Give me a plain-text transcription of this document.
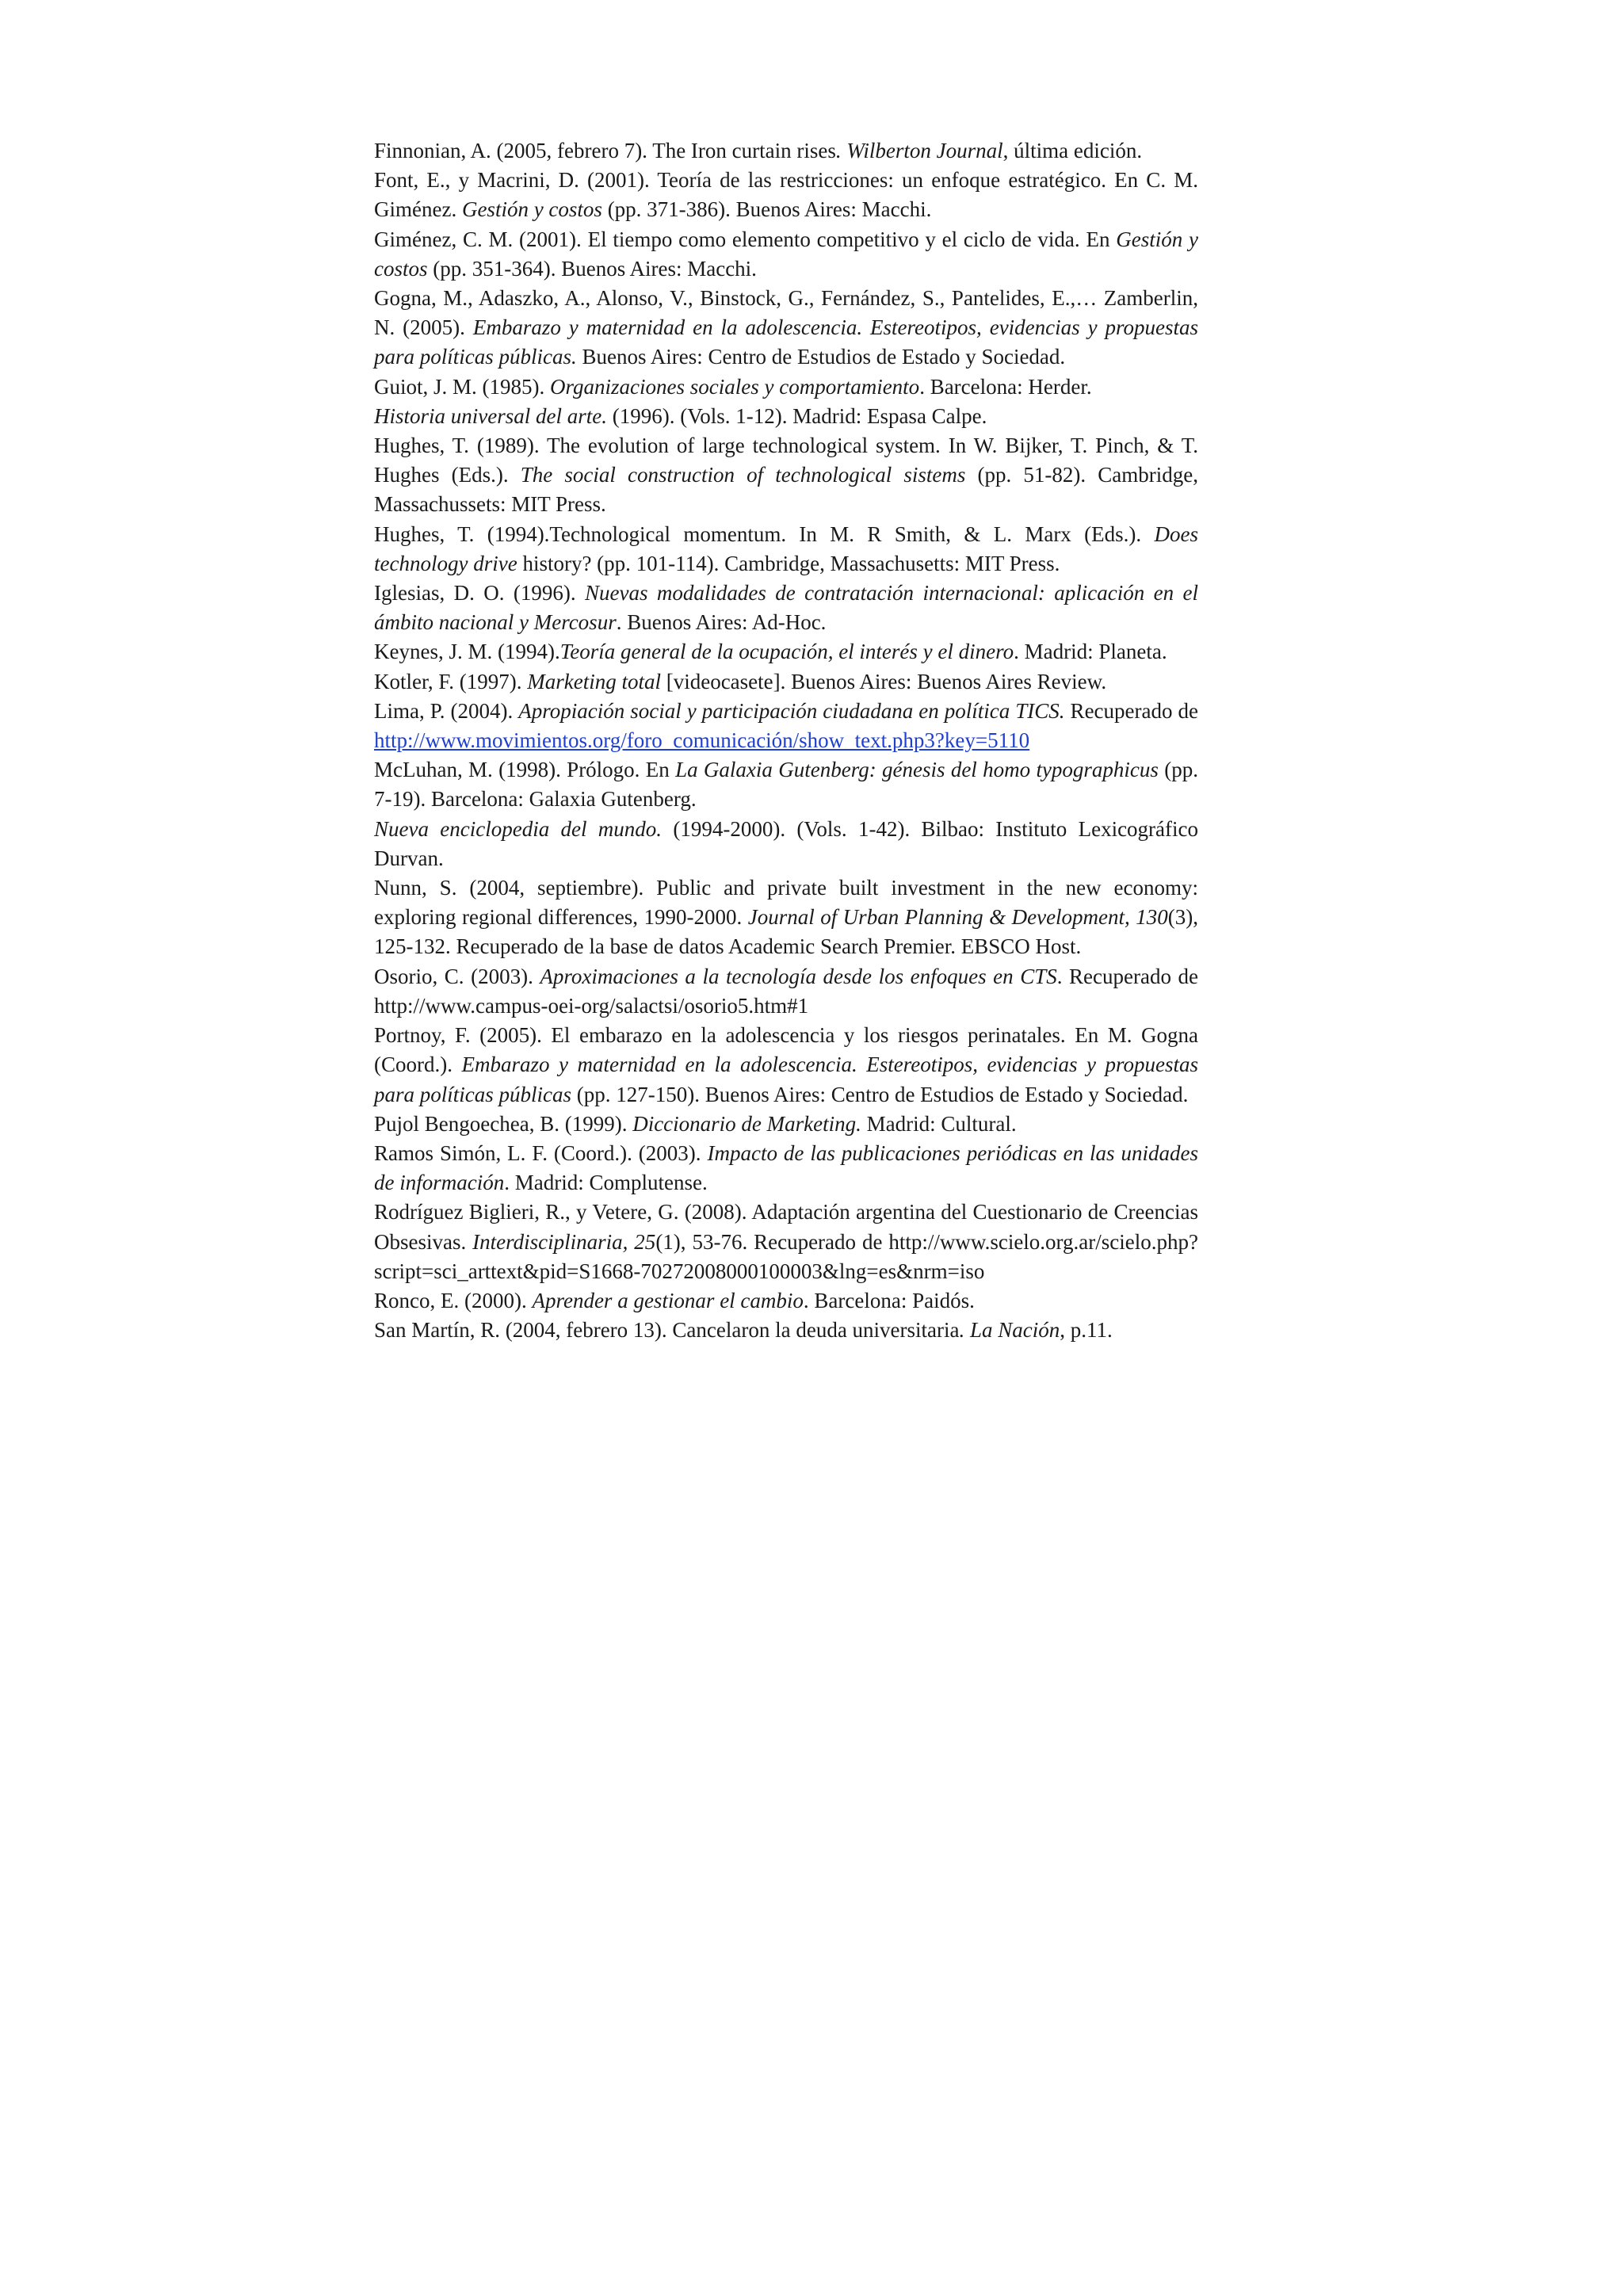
Finnonian, A. (2005, febrero 7). The Iron curtain rises. Wilberton Journal, última edición.

Font, E., y Macrini, D. (2001). Teoría de las restricciones: un enfoque estratégico. En C. M. Giménez. Gestión y costos (pp. 371-386). Buenos Aires: Macchi.

Giménez, C. M. (2001). El tiempo como elemento competitivo y el ciclo de vida. En Gestión y costos (pp. 351-364). Buenos Aires: Macchi.

Gogna, M., Adaszko, A., Alonso, V., Binstock, G., Fernández, S., Pantelides, E.,… Zamberlin, N. (2005). Embarazo y maternidad en la adolescencia. Estereotipos, evidencias y propuestas para políticas públicas. Buenos Aires: Centro de Estudios de Estado y Sociedad.

Guiot, J. M. (1985). Organizaciones sociales y comportamiento. Barcelona: Herder.

Historia universal del arte. (1996). (Vols. 1-12). Madrid: Espasa Calpe.

Hughes, T. (1989). The evolution of large technological system. In W. Bijker, T. Pinch, & T. Hughes (Eds.). The social construction of technological sistems (pp. 51-82). Cambridge, Massachussets: MIT Press.

Hughes, T. (1994).Technological momentum. In M. R Smith, & L. Marx (Eds.). Does technology drive history? (pp. 101-114). Cambridge, Massachusetts: MIT Press.

Iglesias, D. O. (1996). Nuevas modalidades de contratación internacional: aplicación en el ámbito nacional y Mercosur. Buenos Aires: Ad-Hoc.

Keynes, J. M. (1994).Teoría general de la ocupación, el interés y el dinero. Madrid: Planeta.

Kotler, F. (1997). Marketing total [videocasete]. Buenos Aires: Buenos Aires Review.

Lima, P. (2004). Apropiación social y participación ciudadana en política TICS. Recuperado de http://www.movimientos.org/foro_comunicación/show_text.php3?key=5110

McLuhan, M. (1998). Prólogo. En La Galaxia Gutenberg: génesis del homo typographicus (pp. 7-19). Barcelona: Galaxia Gutenberg.

Nueva enciclopedia del mundo. (1994-2000). (Vols. 1-42). Bilbao: Instituto Lexicográfico Durvan.

Nunn, S. (2004, septiembre). Public and private built investment in the new economy: exploring regional differences, 1990-2000. Journal of Urban Planning & Development, 130(3), 125-132. Recuperado de la base de datos Academic Search Premier. EBSCO Host.

Osorio, C. (2003). Aproximaciones a la tecnología desde los enfoques en CTS. Recuperado de http://www.campus-oei-org/salactsi/osorio5.htm#1

Portnoy, F. (2005). El embarazo en la adolescencia y los riesgos perinatales. En M. Gogna (Coord.). Embarazo y maternidad en la adolescencia. Estereotipos, evidencias y propuestas para políticas públicas (pp. 127-150). Buenos Aires: Centro de Estudios de Estado y Sociedad.

Pujol Bengoechea, B. (1999). Diccionario de Marketing. Madrid: Cultural.

Ramos Simón, L. F. (Coord.). (2003). Impacto de las publicaciones periódicas en las unidades de información. Madrid: Complutense.

Rodríguez Biglieri, R., y Vetere, G. (2008). Adaptación argentina del Cuestionario de Creencias Obsesivas. Interdisciplinaria, 25(1), 53-76. Recuperado de http://www.scielo.org.ar/scielo.php?script=sci_arttext&pid=S1668-70272008000100003&lng=es&nrm=iso

Ronco, E. (2000). Aprender a gestionar el cambio. Barcelona: Paidós.

San Martín, R. (2004, febrero 13). Cancelaron la deuda universitaria. La Nación, p.11.
